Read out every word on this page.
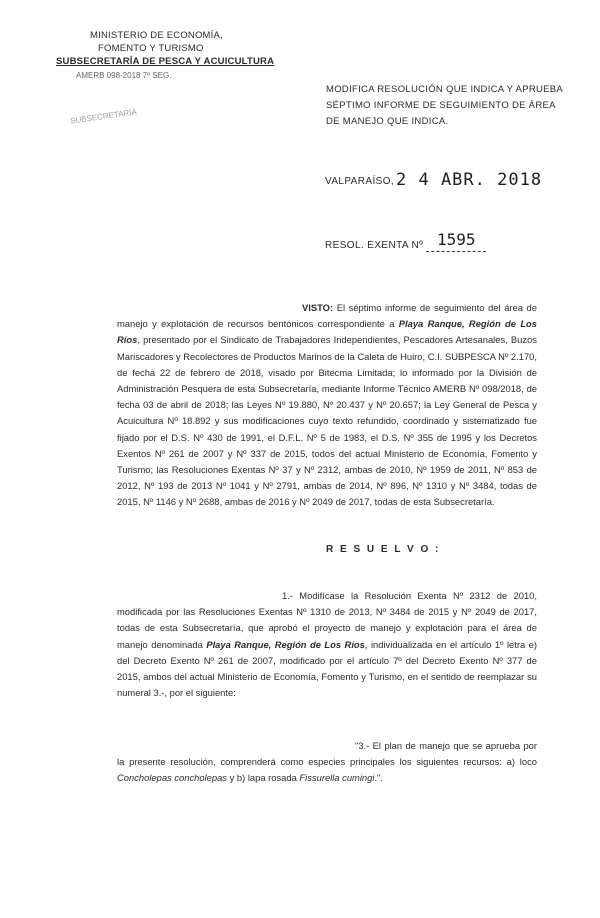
MINISTERIO DE ECONOMÍA,
FOMENTO Y TURISMO
SUBSECRETARÍA DE PESCA Y ACUICULTURA
AMERB 098-2018 7º SEG.
SUBSECRETARÍA
MODIFICA RESOLUCIÓN QUE INDICA Y APRUEBA
SÉPTIMO INFORME DE SEGUIMIENTO DE ÁREA
DE MANEJO QUE INDICA.
VALPARAÍSO, 2 4 ABR. 2018
RESOL. EXENTA Nº 1595
VISTO: El séptimo informe de seguimiento del área de manejo y explotación de recursos bentónicos correspondiente a Playa Ranque, Región de Los Ríos, presentado por el Sindicato de Trabajadores Independientes, Pescadores Artesanales, Buzos Mariscadores y Recolectores de Productos Marinos de la Caleta de Huiro, C.I. SUBPESCA Nº 2.170, de fecha 22 de febrero de 2018, visado por Bitecma Limitada; lo informado por la División de Administración Pesquera de esta Subsecretaría, mediante Informe Técnico AMERB Nº 098/2018, de fecha 03 de abril de 2018; las Leyes Nº 19.880, Nº 20.437 y Nº 20.657; la Ley General de Pesca y Acuicultura Nº 18.892 y sus modificaciones cuyo texto refundido, coordinado y sistematizado fue fijado por el D.S. Nº 430 de 1991, el D.F.L. Nº 5 de 1983, el D.S. Nº 355 de 1995 y los Decretos Exentos Nº 261 de 2007 y Nº 337 de 2015, todos del actual Ministerio de Economía, Fomento y Turismo; las Resoluciones Exentas Nº 37 y Nº 2312, ambas de 2010, Nº 1959 de 2011, Nº 853 de 2012, Nº 193 de 2013 Nº 1041 y Nº 2791, ambas de 2014, Nº 896, Nº 1310 y Nº 3484, todas de 2015, Nº 1146 y Nº 2688, ambas de 2016 y Nº 2049 de 2017, todas de esta Subsecretaría.
R E S U E L V O :
1.- Modifícase la Resolución Exenta Nº 2312 de 2010, modificada por las Resoluciones Exentas Nº 1310 de 2013, Nº 3484 de 2015 y Nº 2049 de 2017, todas de esta Subsecretaría, que aprobó el proyecto de manejo y explotación para el área de manejo denominada Playa Ranque, Región de Los Ríos, individualizada en el artículo 1º letra e) del Decreto Exento Nº 261 de 2007, modificado por el artículo 7º del Decreto Exento Nº 377 de 2015, ambos del actual Ministerio de Economía, Fomento y Turismo, en el sentido de reemplazar su numeral 3.-, por el siguiente:
"3.- El plan de manejo que se aprueba por la presente resolución, comprenderá como especies principales los siguientes recursos: a) loco Concholepas concholepas y b) lapa rosada Fissurella cumingi.".
